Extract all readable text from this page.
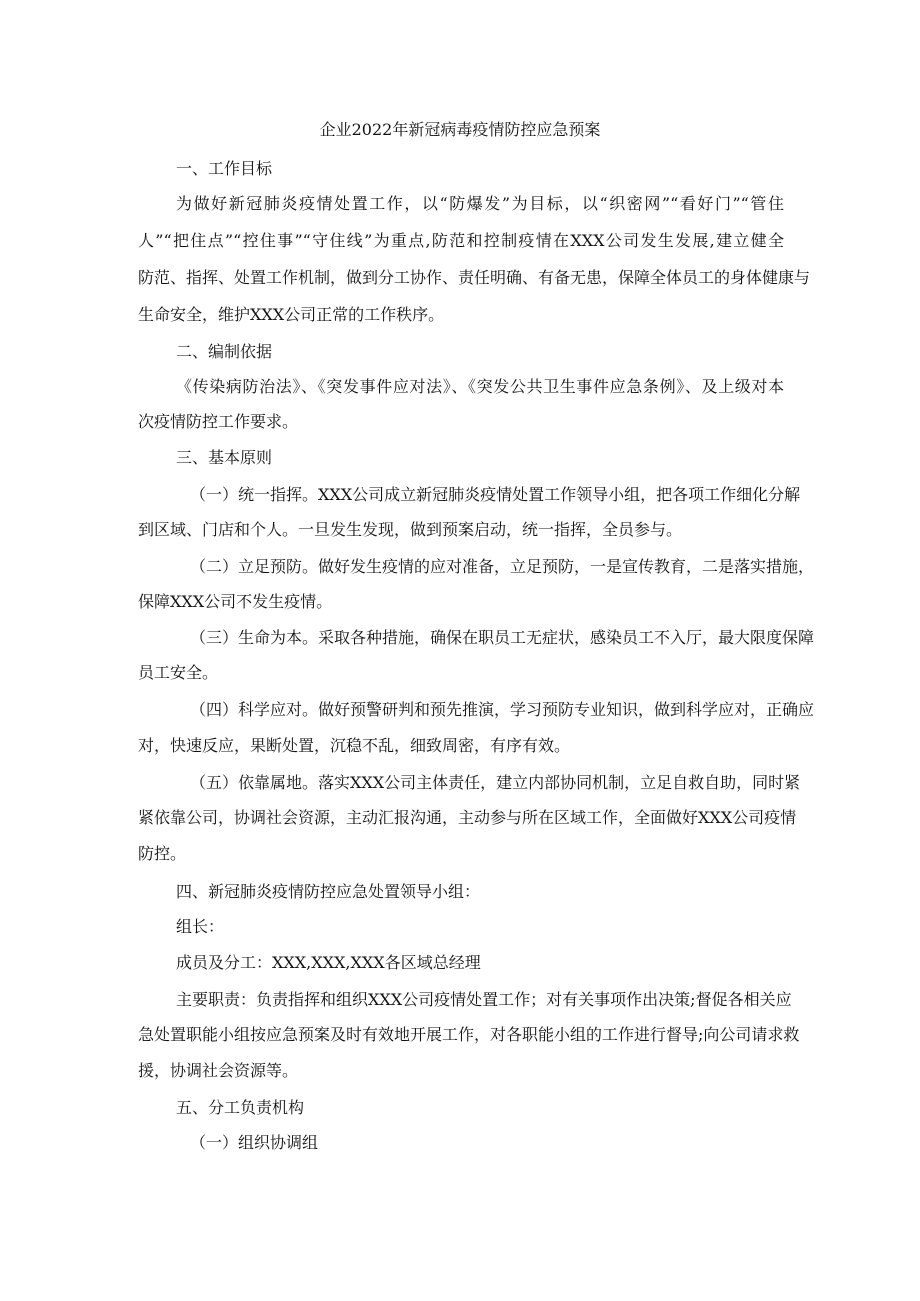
企业2022年新冠病毒疫情防控应急预案
一、工作目标
为做好新冠肺炎疫情处置工作，以“防爆发”为目标，以“织密网”“看好门”“管住
人”“把住点”“控住事”“守住线”为重点,防范和控制疫情在XXX公司发生发展,建立健全
防范、指挥、处置工作机制，做到分工协作、责任明确、有备无患，保障全体员工的身体健康与
生命安全，维护XXX公司正常的工作秩序。
二、编制依据
《传染病防治法》、《突发事件应对法》、《突发公共卫生事件应急条例》、及上级对本
次疫情防控工作要求。
三、基本原则
（一）统一指挥。XXX公司成立新冠肺炎疫情处置工作领导小组，把各项工作细化分解
到区域、门店和个人。一旦发生发现，做到预案启动，统一指挥，全员参与。
（二）立足预防。做好发生疫情的应对准备，立足预防，一是宣传教育，二是落实措施，
保障XXX公司不发生疫情。
（三）生命为本。采取各种措施，确保在职员工无症状，感染员工不入厅，最大限度保障
员工安全。
（四）科学应对。做好预警研判和预先推演，学习预防专业知识，做到科学应对，正确应
对，快速反应，果断处置，沉稳不乱，细致周密，有序有效。
（五）依靠属地。落实XXX公司主体责任，建立内部协同机制，立足自救自助，同时紧
紧依靠公司，协调社会资源，主动汇报沟通，主动参与所在区域工作，全面做好XXX公司疫情
防控。
四、新冠肺炎疫情防控应急处置领导小组：
组长：
成员及分工：XXX,XXX,XXX各区域总经理
主要职责：负责指挥和组织XXX公司疫情处置工作；对有关事项作出决策;督促各相关应
急处置职能小组按应急预案及时有效地开展工作，对各职能小组的工作进行督导;向公司请求救
援，协调社会资源等。
五、分工负责机构
（一）组织协调组
